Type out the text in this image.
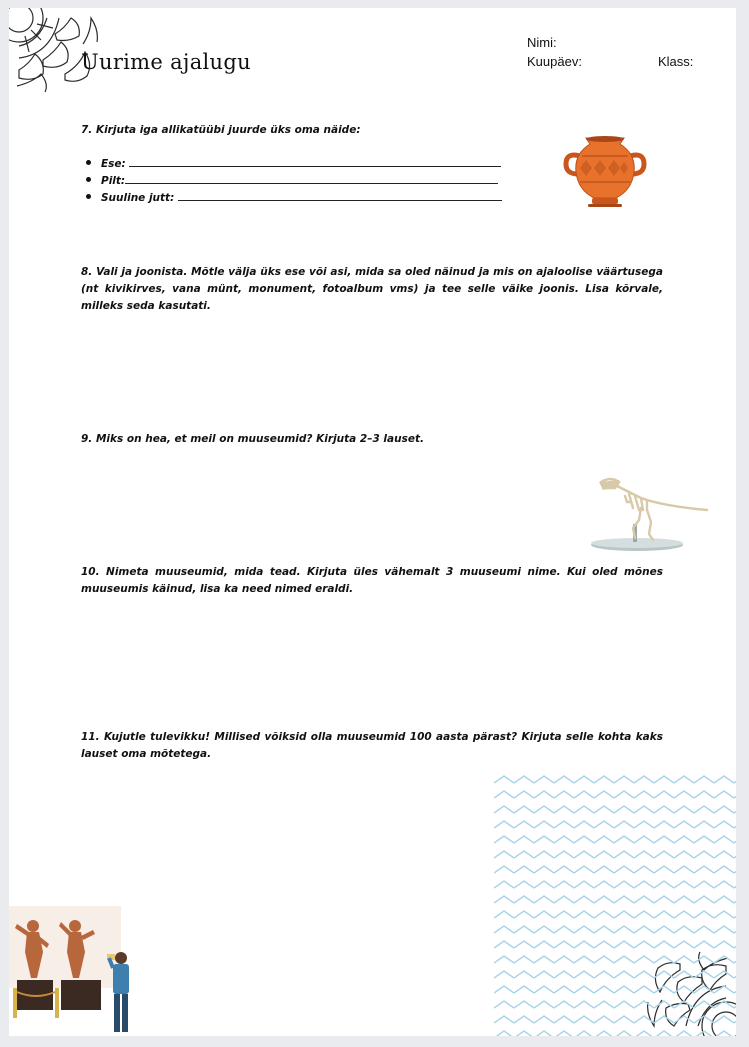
Uurime ajalugu
Nimi:
Kuupäev:	Klass:
7. Kirjuta iga allikatüübi juurde üks oma näide:
Ese:
Pilt:
Suuline jutt:
8. Vali ja joonista. Mõtle välja üks ese või asi, mida sa oled näinud ja mis on ajaloolise väärtusega (nt kivikirves, vana münt, monument, fotoalbum vms) ja tee selle väike joonis. Lisa kõrvale, milleks seda kasutati.
9. Miks on hea, et meil on muuseumid? Kirjuta 2–3 lauset.
10. Nimeta muuseumid, mida tead. Kirjuta üles vähemalt 3 muuseumi nime. Kui oled mõnes muuseumis käinud, lisa ka need nimed eraldi.
11. Kujutle tulevikku! Millised võiksid olla muuseumid 100 aasta pärast? Kirjuta selle kohta kaks lauset oma mõtetega.
